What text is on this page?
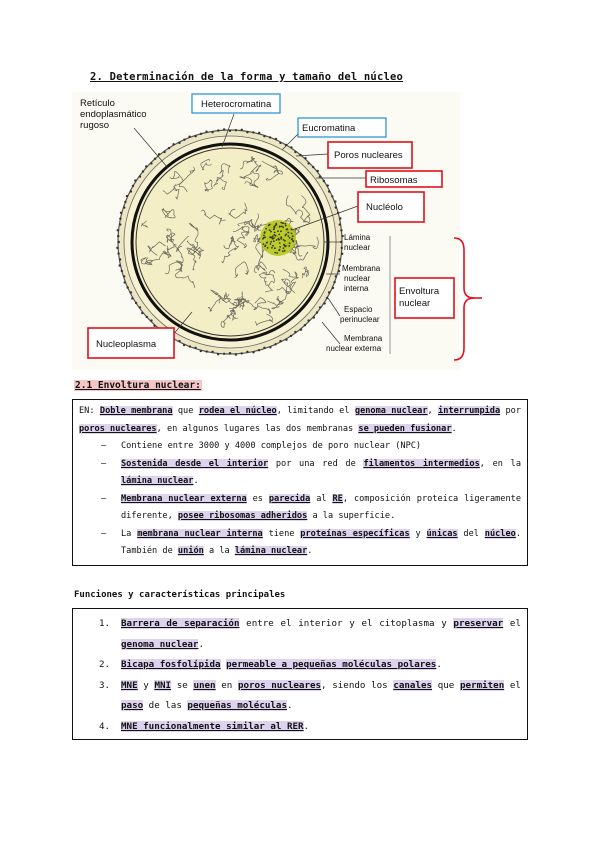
2. Determinación de la forma y tamaño del núcleo
Retículo endoplasmático rugoso
Heterocromatina
Eucromatina
Poros nucleares
Ribosomas
Nucléolo
Lámina nuclear
Membrana nuclear interna
Espacio perinuclear
Membrana nuclear externa
Envoltura nuclear
Nucleoplasma
2.1 Envoltura nuclear:
EN: Doble membrana que rodea el núcleo, limitando el genoma nuclear, interrumpida por poros nucleares, en algunos lugares las dos membranas se pueden fusionar.
– Contiene entre 3000 y 4000 complejos de poro nuclear (NPC)
– Sostenida desde el interior por una red de filamentos intermedios, en la lámina nuclear.
– Membrana nuclear externa es parecida al RE, composición proteica ligeramente diferente, posee ribosomas adheridos a la superficie.
– La membrana nuclear interna tiene proteínas específicas y únicas del núcleo. También de unión a la lámina nuclear.
Funciones y características principales
1. Barrera de separación entre el interior y el citoplasma y preservar el genoma nuclear.
2. Bicapa fosfolípida permeable a pequeñas moléculas polares.
3. MNE y MNI se unen en poros nucleares, siendo los canales que permiten el paso de las pequeñas moléculas.
4. MNE funcionalmente similar al RER.
